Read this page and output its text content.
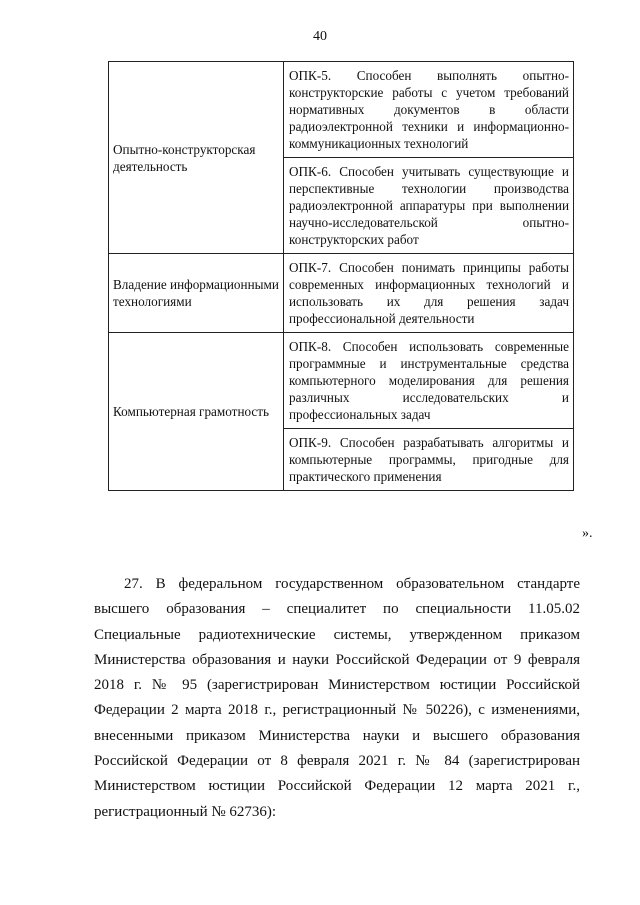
40
Опытно-конструкторская деятельность	ОПК-5. Способен выполнять опытно-конструкторские работы с учетом требований нормативных документов в области радиоэлектронной техники и информационно-коммуникационных технологий
	ОПК-6. Способен учитывать существующие и перспективные технологии производства радиоэлектронной аппаратуры при выполнении научно-исследовательской опытно-конструкторских работ
Владение информационными технологиями	ОПК-7. Способен понимать принципы работы современных информационных технологий и использовать их для решения задач профессиональной деятельности
Компьютерная грамотность	ОПК-8. Способен использовать современные программные и инструментальные средства компьютерного моделирования для решения различных исследовательских и профессиональных задач
	ОПК-9. Способен разрабатывать алгоритмы и компьютерные программы, пригодные для практического применения
».

27. В федеральном государственном образовательном стандарте высшего образования – специалитет по специальности 11.05.02 Специальные радиотехнические системы, утвержденном приказом Министерства образования и науки Российской Федерации от 9 февраля 2018 г. № 95 (зарегистрирован Министерством юстиции Российской Федерации 2 марта 2018 г., регистрационный № 50226), с изменениями, внесенными приказом Министерства науки и высшего образования Российской Федерации от 8 февраля 2021 г. № 84 (зарегистрирован Министерством юстиции Российской Федерации 12 марта 2021 г., регистрационный № 62736):
